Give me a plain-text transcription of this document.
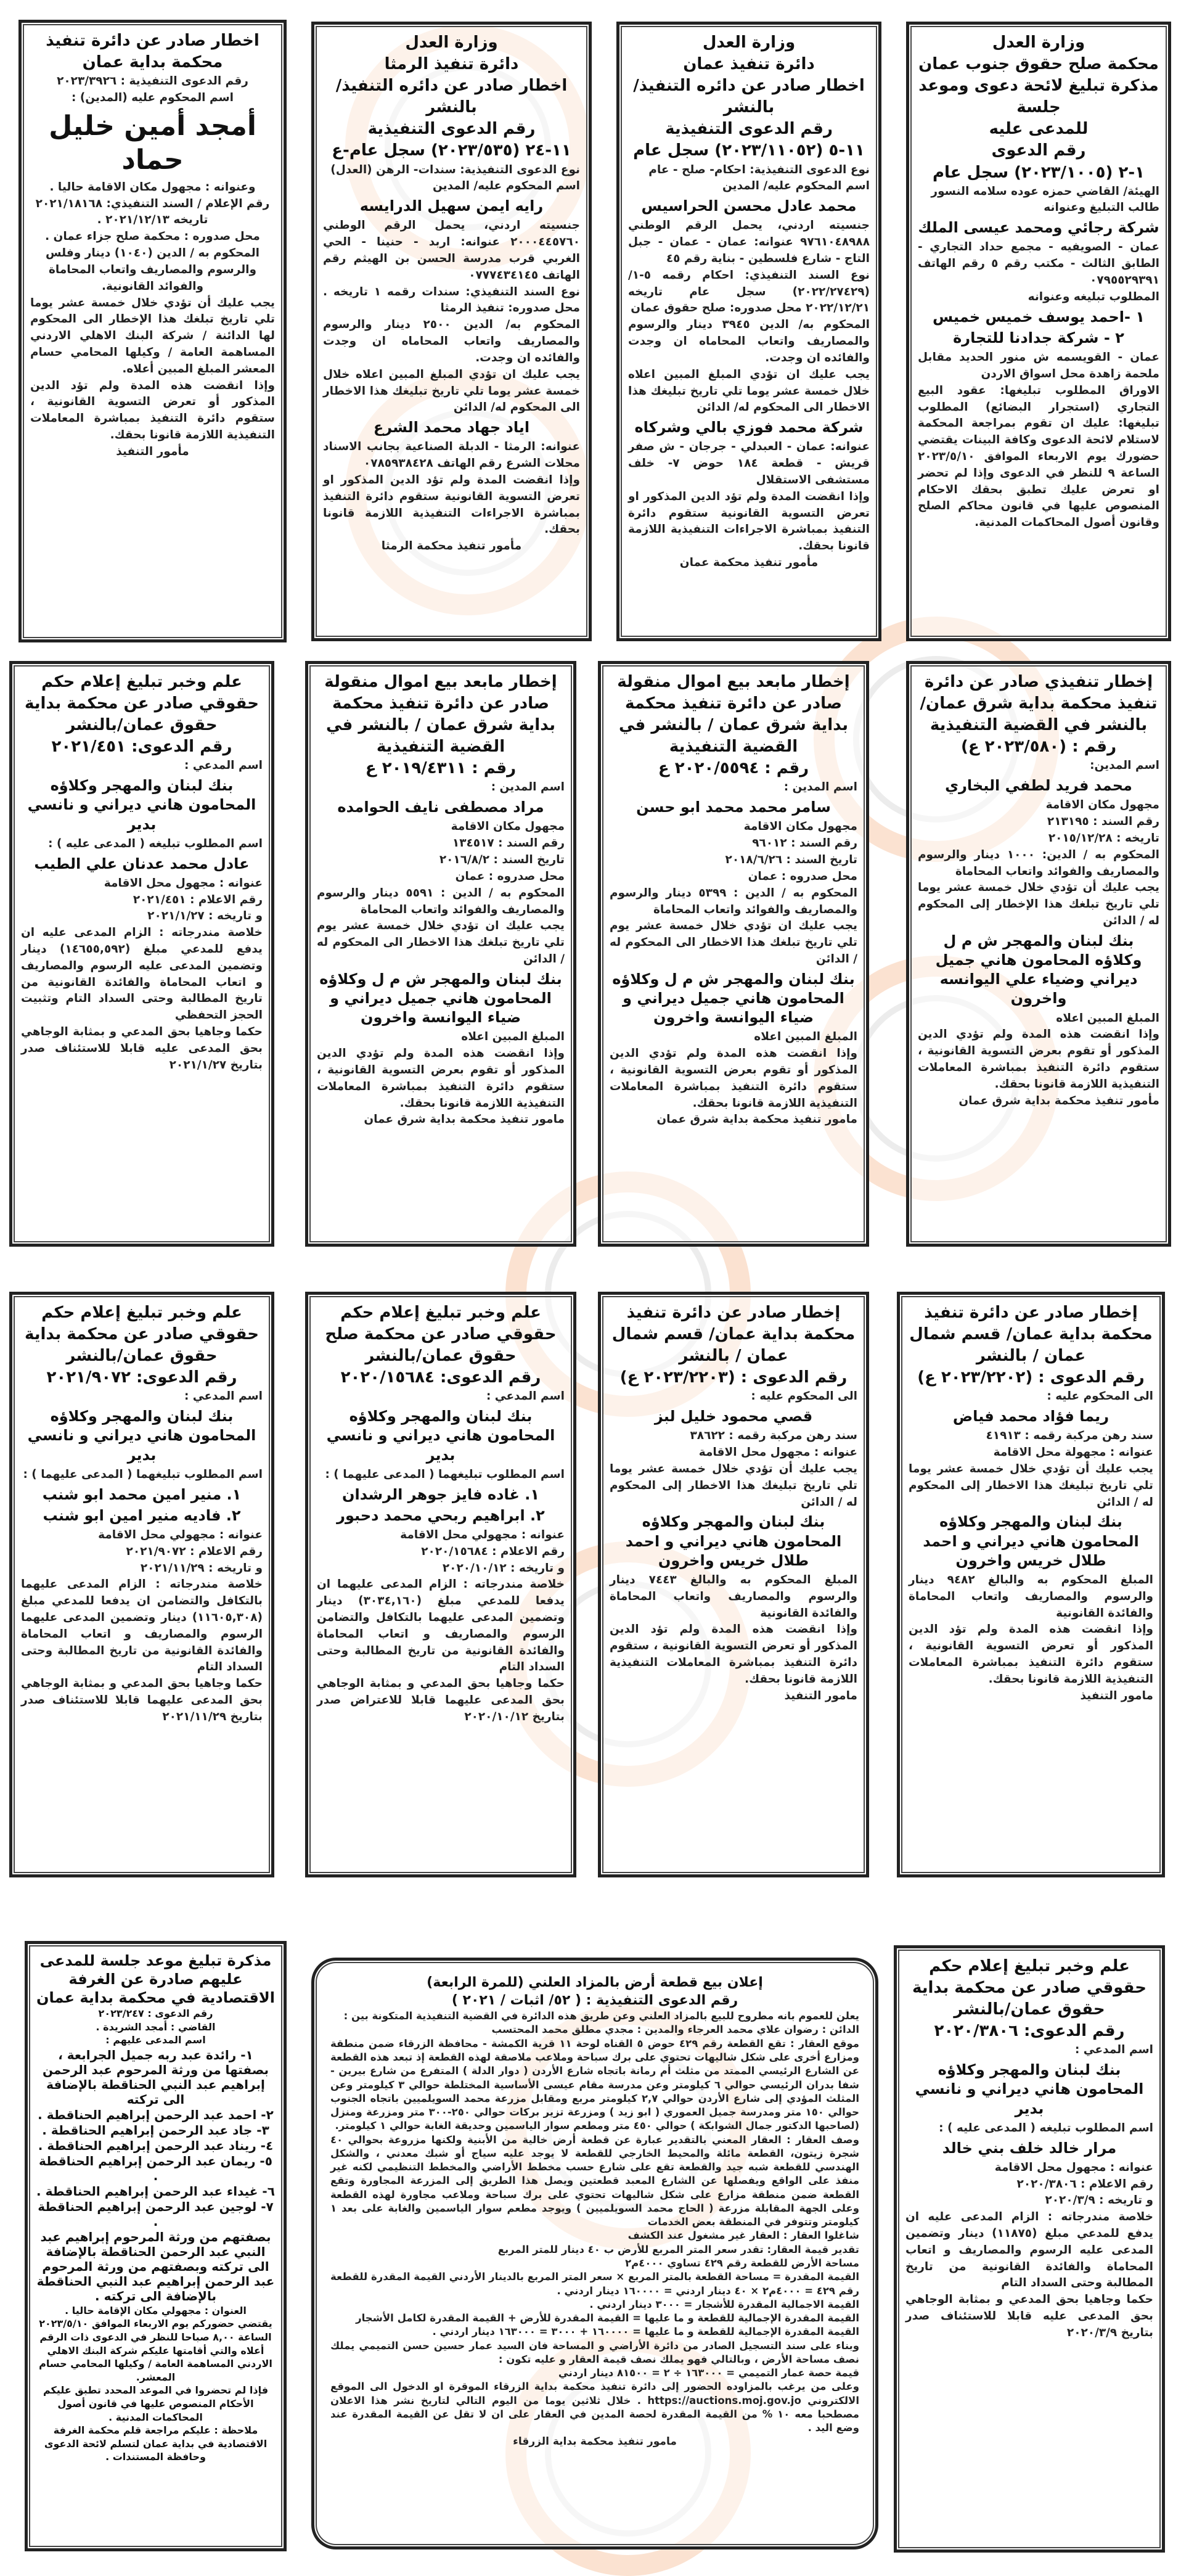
وزارة العدل

محكمة صلح حقوق جنوب عمان

مذكرة تبليغ لائحة دعوى وموعد جلسة

للمدعى عليه

رقم الدعوى

١-٢ (٢٠٢٣/١٠٠٥) سجل عام

الهيئة/ القاضي حمزه عوده سلامه النسور

طالب التبليغ وعنوانه

شركة رجائي ومحمد عيسى الملك

عمان - الصويفيه - مجمع حداد التجاري - الطابق الثالث - مكتب رقم ٥ رقم الهاتف ٠٧٩٥٥٢٩٣٩١

المطلوب تبليغه وعنوانه

١ -احمد يوسف خميس خميس

٢ - شركة جدادنا للتجارة

عمان - القويسمه ش منور الحديد مقابل ملحمة زاهدة محل اسواق الاردن

الاوراق المطلوب تبليغها: عقود البيع التجاري (استجرار البضائع) المطلوب تبليغها: عليك ان تقوم بمراجعة المحكمة لاستلام لائحة الدعوى وكافة البينات يقتضي حضورك يوم الاربعاء الموافق ٢٠٢٣/٥/١٠ الساعة ٩ للنظر في الدعوى وإذا لم تحضر او تعرض عليك تطبق بحقك الاحكام المنصوص عليها في قانون محاكم الصلح وقانون أصول المحاكمات المدنية.

وزارة العدل

دائرة تنفيذ عمان

اخطار صادر عن دائره التنفيذ/ بالنشر

رقم الدعوى التنفيذية

١١-٥ (٢٠٢٣/١١٠٥٢) سجل عام

نوع الدعوى التنفيذية: احكام- صلح - عام

اسم المحكوم عليه/ المدين

محمد عادل محسن الحراسيس

جنسيته اردني، يحمل الرقم الوطني ٩٧٦١٠٤٨٩٨٨ عنوانه: عمان - عمان - جبل التاج - شارع فلسطين - بناية رقم ٤٥

نوع السند التنفيذي: احكام رقمه ٥-١/ (٢٠٢٢/٢٧٤٢٩) سجل عام تاريخه ٢٠٢٢/١٢/٢١ محل صدوره: صلح حقوق عمان

المحكوم به/ الدين ٣٩٤٥ دينار والرسوم والمصاريف واتعاب المحاماه ان وجدت والفائده ان وجدت.

يجب عليك ان تؤدي المبلغ المبين اعلاه خلال خمسة عشر يوما تلي تاريخ تبليغك هذا الاخطار الى المحكوم له/ الدائن

شركة محمد فوزي بالي وشركاه

عنوانه: عمان - العبدلي - جرجان - ش صفر قريش - قطعة ١٨٤ حوض ٧- خلف مستشفى الاستقلال

وإذا انقضت المدة ولم تؤد الدين المذكور او تعرض التسوية القانونية ستقوم دائرة التنفيذ بمباشرة الاجراءات التنفيذية اللازمة قانونا بحقك.

مأمور تنفيذ محكمة عمان

وزارة العدل

دائرة تنفيذ الرمثا

اخطار صادر عن دائره التنفيذ/ بالنشر

رقم الدعوى التنفيذية

١١-٢٤ (٢٠٢٣/٥٣٥) سجل عام-ع

نوع الدعوى التنفيذية: سندات- الرهن (العدل)

اسم المحكوم عليه/ المدين

رايه ايمن سهيل الدرايسه

جنسيته اردني، يحمل الرقم الوطني ٢٠٠٠٤٤٥٧٦٠ عنوانه: اربد - حنينا - الحي الغربي قرب مدرسة الحسن بن الهيثم رقم الهاتف ٠٧٧٧٤٣٤١٤٥

نوع السند التنفيذي: سندات رقمه ١ تاريخه . محل صدوره: تنفيذ الرمثا

المحكوم به/ الدين ٢٥٠٠ دينار والرسوم والمصاريف واتعاب المحاماه ان وجدت والفائده ان وجدت.

يجب عليك ان تؤدي المبلغ المبين اعلاه خلال خمسة عشر يوما تلي تاريخ تبليغك هذا الاخطار الى المحكوم له/ الدائن

اياد جهاد محمد الشرع

عنوانه: الرمثا - الدبلة الصناعية بجانب الاسناد محلات الشرع رقم الهاتف ٠٧٨٥٩٣٨٤٢٨

وإذا انقضت المدة ولم تؤد الدين المذكور او تعرض التسوية القانونية ستقوم دائرة التنفيذ بمباشرة الاجراءات التنفيذية اللازمة قانونا بحقك.

مأمور تنفيذ محكمة الرمثا

اخطار صادر عن دائرة تنفيذ

محكمة بداية عمان

رقم الدعوى التنفيذية : ٢٠٢٣/٣٩٢٦

اسم المحكوم عليه (المدين) :

أمجد أمين خليل حماد

وعنوانه : مجهول مكان الاقامة حاليا .

رقم الإعلام / السند التنفيذي: ٢٠٢١/١٨١٦٨ تاريخه ٢٠٢١/١٢/١٣ .

محل صدوره : محكمة صلح جزاء عمان .

المحكوم به / الدين (١٠٤٠) دينار وفلس والرسوم والمصاريف واتعاب المحاماة والفوائد القانونية.

يجب عليك أن تؤدي خلال خمسة عشر يوما تلي تاريخ تبلغك هذا الإخطار الى المحكوم لها الدائنة / شركة البنك الاهلي الاردني المساهمة العامة / وكيلها المحامي حسام المعشر المبلغ المبين أعلاه.

وإذا انقضت هذه المدة ولم تؤد الدين المذكور أو تعرض التسوية القانونية ، ستقوم دائرة التنفيذ بمباشرة المعاملات التنفيذية اللازمة قانونا بحقك.

مأمور التنفيذ

إخطار تنفيذي صادر عن دائرة تنفيذ محكمة بداية شرق عمان/ بالنشر في القضية التنفيذية

رقم : (٢٠٢٣/٥٨٠ ع)

اسم المدين:

محمد فريد لطفي البخاري

مجهول مكان الاقامة

رقم السند : ٢١٣١٩٥

تاريخه : ٢٠١٥/١٢/٢٨

المحكوم به / الدين: ١٠٠٠ دينار والرسوم والمصاريف والفوائد واتعاب المحاماة

يجب عليك أن تؤدي خلال خمسة عشر يوما تلي تاريخ تبلغك هذا الإخطار إلى المحكوم له / الدائن

بنك لبنان والمهجر ش م ل وكلاؤه المحامون هاني جميل ديراني وضياء علي اليوانسه واخرون

المبلغ المبين اعلاه

وإذا انقضت هذه المدة ولم تؤدي الدين المذكور أو تقوم بعرض التسوية القانونية ، ستقوم دائرة التنفيذ بمباشرة المعاملات التنفيذية اللازمة قانونا بحقك.

مأمور تنفيذ محكمة بداية شرق عمان

إخطار مابعد بيع اموال منقولة صادر عن دائرة تنفيذ محكمة بداية شرق عمان / بالنشر في القضية التنفيذية

رقم : ٢٠٢٠/٥٥٩٤ ع

اسم المدين :

سامر محمد محمد ابو حسن

مجهول مكان الاقامة

رقم السند : ٩٦٠١٢

تاريخ السند : ٢٠١٨/٦/٢٦

محل صدروه : عمان

المحكوم به / الدين : ٥٣٩٩ دينار والرسوم والمصاريف والفوائد واتعاب المحاماة

يجب عليك ان تؤدي خلال خمسة عشر يوم تلي تاريخ تبلغك هذا الاخطار الى المحكوم له / الدائن

بنك لبنان والمهجر ش م ل وكلاؤه المحامون هاني جميل ديراني و ضياء اليوانسة واخرون

المبلغ المبين اعلاه

وإذا انقضت هذه المدة ولم تؤدي الدين المذكور أو تقوم بعرض التسوية القانونية ، ستقوم دائرة التنفيذ بمباشرة المعاملات التنفيذية اللازمة قانونا بحقك.

مامور تنفيذ محكمة بداية شرق عمان

إخطار مابعد بيع اموال منقولة صادر عن دائرة تنفيذ محكمة بداية شرق عمان / بالنشر في القضية التنفيذية

رقم : ٢٠١٩/٤٣١١ ع

اسم المدين :

مراد مصطفى نايف الحوامده

مجهول مكان الاقامة

رقم السند : ١٣٤٥١٧

تاريخ السند : ٢٠١٦/٨/٢

محل صدروه : عمان

المحكوم به / الدين : ٥٥٩١ دينار والرسوم والمصاريف والفوائد واتعاب المحاماة

يجب عليك ان تؤدي خلال خمسة عشر يوم تلي تاريخ تبلغك هذا الاخطار الى المحكوم له / الدائن

بنك لبنان والمهجر ش م ل وكلاؤه المحامون هاني جميل ديراني و ضياء اليوانسة واخرون

المبلغ المبين اعلاه

وإذا انقضت هذه المدة ولم تؤدي الدين المذكور أو تقوم بعرض التسوية القانونية ، ستقوم دائرة التنفيذ بمباشرة المعاملات التنفيذية اللازمة قانونا بحقك.

مامور تنفيذ محكمة بداية شرق عمان

علم وخبر تبليغ إعلام حكم حقوقي صادر عن محكمة بداية حقوق عمان/بالنشر

رقم الدعوى: ٢٠٢١/٤٥١

اسم المدعي :

بنك لبنان والمهجر وكلاؤه المحامون هاني ديراني و نانسي بدير

اسم المطلوب تبليغه ( المدعى عليه ) :

عادل محمد عدنان علي الطيب

عنوانه : مجهول محل الاقامة

رقم الاعلام : ٢٠٢١/٤٥١

و تاريخه : ٢٠٢١/١/٢٧

خلاصة مندرجاته : الزام المدعى عليه ان يدفع للمدعي مبلغ (١٤٦٥٥,٥٩٢) دينار وتضمين المدعى عليه الرسوم والمصاريف و اتعاب المحاماة والفائدة القانونية من تاريخ المطالبة وحتى السداد التام وتثبيت الحجز التحفظي

حكما وجاهيا بحق المدعي و بمثابة الوجاهي بحق المدعى عليه قابلا للاستئناف صدر بتاريخ ٢٠٢١/١/٢٧

إخطار صادر عن دائرة تنفيذ محكمة بداية عمان/ قسم شمال عمان / بالنشر

رقم الدعوى : (٢٠٢٣/٢٢٠٢ ع)

الى المحكوم عليه :

ريما فؤاد محمد فياض

سند رهن مركبة رقمه : ٤١٩١٣

عنوانه : مجهولة محل الاقامة

يجب عليك أن تؤدي خلال خمسة عشر يوما تلي تاريخ تبليغك هذا الاخطار إلى المحكوم له / الدائن

بنك لبنان والمهجر وكلاؤه المحامون هاني ديراني و احمد طلال خريس واخرون

المبلغ المحكوم به والبالغ ٩٤٨٢ دينار والرسوم والمصاريف واتعاب المحاماة والفائدة القانونية

وإذا انقضت هذه المدة ولم تؤد الدين المذكور أو تعرض التسوية القانونية ، ستقوم دائرة التنفيذ بمباشرة المعاملات التنفيذية اللازمة قانونا بحقك.

مامور التنفيذ

إخطار صادر عن دائرة تنفيذ محكمة بداية عمان/ قسم شمال عمان / بالنشر

رقم الدعوى : (٢٠٢٣/٢٢٠٣ ع)

الى المحكوم عليه :

قصي محمود خليل لبز

سند رهن مركبة رقمه : ٣٨٦٢٢

عنوانه : مجهول محل الاقامة

يجب عليك أن تؤدي خلال خمسة عشر يوما تلي تاريخ تبليغك هذا الاخطار إلى المحكوم له / الدائن

بنك لبنان والمهجر وكلاؤه المحامون هاني ديراني و احمد طلال خريس واخرون

المبلغ المحكوم به والبالغ ٧٤٤٣ دينار والرسوم والمصاريف واتعاب المحاماة والفائدة القانونية

وإذا انقضت هذه المدة ولم تؤد الدين المذكور أو تعرض التسوية القانونية ، ستقوم دائرة التنفيذ بمباشرة المعاملات التنفيذية اللازمة قانونا بحقك.

مامور التنفيذ

علم وخبر تبليغ إعلام حكم حقوقي صادر عن محكمة صلح حقوق عمان/بالنشر

رقم الدعوى: ٢٠٢٠/١٥٦٨٤

اسم المدعي :

بنك لبنان والمهجر وكلاؤه المحامون هاني ديراني و نانسي بدير

اسم المطلوب تبليغهما ( المدعى عليهما ) :

١. غاده فايز جوهر الرشدان

٢. ابراهيم ربحي محمد دحبور

عنوانه : مجهولي محل الاقامة

رقم الاعلام : ٢٠٢٠/١٥٦٨٤

و تاريخه : ٢٠٢٠/١٠/١٢

خلاصة مندرجاته : الزام المدعى عليهما ان يدفعا للمدعي مبلغ (٣٠٣٤,١٦٠) دينار وتضمين المدعى عليهما بالتكافل والتضامن الرسوم والمصاريف و اتعاب المحاماة والفائدة القانونية من تاريخ المطالبة وحتى السداد التام

حكما وجاهيا بحق المدعي و بمثابة الوجاهي بحق المدعى عليهما قابلا للاعتراض صدر بتاريخ ٢٠٢٠/١٠/١٢

علم وخبر تبليغ إعلام حكم حقوقي صادر عن محكمة بداية حقوق عمان/بالنشر

رقم الدعوى: ٢٠٢١/٩٠٧٢

اسم المدعي :

بنك لبنان والمهجر وكلاؤه المحامون هاني ديراني و نانسي بدير

اسم المطلوب تبليغهما ( المدعى عليهما ) :

١. منير امين محمد ابو شنب

٢. فاديه منير امين ابو شنب

عنوانه : مجهولي محل الاقامة

رقم الاعلام : ٢٠٢١/٩٠٧٢

و تاريخه : ٢٠٢١/١١/٢٩

خلاصة مندرجاته : الزام المدعى عليهما بالتكافل والتضامن ان يدفعا للمدعي مبلغ (١١٦٠٥,٣٠٨) دينار وتضمين المدعى عليهما الرسوم والمصاريف و اتعاب المحاماة والفائدة القانونية من تاريخ المطالبة وحتى السداد التام

حكما وجاهيا بحق المدعي و بمثابة الوجاهي بحق المدعى عليهما قابلا للاستئناف صدر بتاريخ ٢٠٢١/١١/٢٩

علم وخبر تبليغ إعلام حكم حقوقي صادر عن محكمة بداية حقوق عمان/بالنشر

رقم الدعوى: ٢٠٢٠/٣٨٠٦

اسم المدعي :

بنك لبنان والمهجر وكلاؤه المحامون هاني ديراني و نانسي بدير

اسم المطلوب تبليغه ( المدعى عليه ) :

مرار خالد خلف بني خالد

عنوانه : مجهول محل الاقامة

رقم الاعلام : ٢٠٢٠/٣٨٠٦

و تاريخه : ٢٠٢٠/٣/٩

خلاصة مندرجاته : الزام المدعى عليه ان يدفع للمدعي مبلغ (١١٨٧٥) دينار وتضمين المدعى عليه الرسوم والمصاريف و اتعاب المحاماة والفائدة القانونية من تاريخ المطالبة وحتى السداد التام

حكما وجاهيا بحق المدعي و بمثابة الوجاهي بحق المدعى عليه قابلا للاستئناف صدر بتاريخ ٢٠٢٠/٣/٩

إعلان بيع قطعة أرض بالمزاد العلني (للمرة الرابعة)

رقم الدعوى التنفيذية : ( ٥٢/ اثبات / ٢٠٢١ )

يعلن للعموم بانه مطروح للبيع بالمزاد العلني وعن طريق هذه الدائرة في القضية التنفيذية المتكونة بين :

الدائن : رضوان علاي محمد العرجاء والمدين : مجدي مطلق محمد المحتسب

موقع العقار : تقع القطعة رقم ٤٢٩ حوض ٥ القناه لوحة ١١ قرية الكمشة - محافظة الزرقاء ضمن منطقة ومزارع أخرى على شكل شاليهات تحتوي على برك سباحة وملاعب ملاصقة لهذه القطعة إذ تبعد هذه القطعة عن الشارع الرئيسي الممتد من مثلث أم رمانة باتجاه شارع الأردن ( دوار الدلة ) المتفرع من شارع بيرين - شفا بدران الرئيسي حوالي ٦ كيلومتر وعن مدرسة مقام عيسى الأساسية المختلطة حوالي ٣ كيلومتر وعن المثلث المؤدي إلى شارع الأردن حوالي ٢,٧ كيلومتر مربع ومقابل مزرعة محمد السويلميين باتجاه الجنوب حوالي ١٥٠ متر ومدرسة جميل العموري ( ابو زيد ) ومزرعة تزير بركات حوالي ٢٥٠-٣٠٠ متر ومزرعة ومنزل (لصاحبها الدكتور جمال الشوابكة ) حوالي ٤٥٠ متر ومطعم سوار الياسمين وحديقة الغابة حوالي ١ كيلومتر.

وصف العقار : العقار المعني بالتقدير عبارة عن قطعة أرض خالية من الأبنية ولكنها مزروعة بحوالي ٤٠ شجرة زيتون، القطعة مائلة والمحيط الخارجي للقطعة لا يوجد عليه سياج أو شبك معدني ، والشكل الهندسي للقطعة شبه جيد والقطعة تقع على شارع حسب مخطط الأراضي والمخطط التنظيمي لكنه غير منفذ على الواقع ويفصلها عن الشارع المعبد قطعتين ويصل هذا الطريق إلى المزرعة المجاورة وتقع القطعة ضمن منطقة مزارع على شكل شاليهات تحتوي على برك سباحة وملاعب مجاورة لهذه القطعة وعلى الجهة المقابلة مزرعة ( الحاج محمد السويلميين ) ويوجد مطعم سوار الياسمين والغابة على بعد ١ كيلومتر وتتوفر في المنطقة بعض الخدمات

شاغلوا العقار : العقار غير مشغول عند الكشف

تقدير قيمة العقار: تقدر سعر المتر المربع للأرض ب ٤٠ دينار للمتر المربع

مساحة الأرض للقطعة رقم ٤٢٩ تساوي ٤٠٠٠م٢

القيمة المقدرة = مساحة القطعة بالمتر المربع × سعر المتر المربع بالدينار الأردني القيمة المقدرة للقطعة رقم ٤٢٩ = ٤٠٠٠م٢ × ٤٠ دينار اردني = ١٦٠٠٠٠ دينار اردني .

القيمة الاجمالية المقدرة للأشجار = ٣٠٠٠ دينار اردني .

القيمة المقدرة الإجمالية للقطعة و ما عليها = القيمة المقدرة للأرض + القيمة المقدرة لكامل الأشجار

القيمة المقدرة الإجمالية للقطعة و ما عليها = ١٦٠٠٠٠ + ٣٠٠٠ = ١٦٣٠٠٠ دينار اردني .

وبناء على سند التسجيل الصادر من دائرة الأراضي و المساحة فان السيد عمار حسين حسن التميمي يملك نصف مساحة الأرض ، وبالتالي فهو يملك نصف قيمة العقار و عليه تكون :

قيمة حصة عمار التميمي = ١٦٣٠٠٠ ÷ ٢ = ٨١٥٠٠ دينار اردني

وعلى من يرغب بالمزاوده الحضور إلى دائرة تنفيذ محكمة بداية الزرقاء الموقرة او الدخول الى الموقع الالكتروني https://auctions.moj.gov.jo . خلال ثلاثين يوما من اليوم التالي لتاريخ نشر هذا الاعلان مصطحبا معه ١٠ % من القيمة المقدرة لحصة المدين في العقار على ان لا تقل عن القيمة المقدرة عند وضع اليد .

مامور تنفيذ محكمة بداية الزرقاء

مذكرة تبليغ موعد جلسة للمدعى عليهم صادرة عن الغرفة الاقتصادية في محكمة بداية عمان

رقم الدعوى : ٢٠٢٣/٢٤٧

القاضي : أمجد الشريدة .

اسم المدعى عليهم :

١- رائدة عبد ربه جميل الجرابعة ، بصفتها من ورثة المرحوم عبد الرحمن إبراهيم عبد النبي الحناقطة بالإضافة الى تركته

٢- احمد عبد الرحمن إبراهيم الحناقطة .

٣- جاد عبد الرحمن إبراهيم الحناقطة .

٤- ريناد عبد الرحمن إبراهيم الحناقطة .

٥- ريمان عبد الرحمن إبراهيم الحناقطة .

٦- غيداء عبد الرحمن إبراهيم الحناقطة .

٧- لوجين عبد الرحمن إبراهيم الحناقطة .

بصفتهم من ورثة المرحوم إبراهيم عبد النبي عبد الرحمن الحناقطة بالإضافة الى تركته وبصفتهم من ورثة المرحوم عبد الرحمن إبراهيم عبد النبي الحناقطة بالإضافة الى تركته .

العنوان : مجهولي مكان الإقامة حاليا .

يقتضي حضوركم يوم الاربعاء الموافق ٢٠٢٣/٥/١٠ الساعة ٨,٠٠ صباحا للنظر في الدعوى ذات الرقم أعلاه والتي أقامتها عليكم شركة البنك الاهلي الاردني المساهمة العامة / وكيلها المحامي حسام المعشر.

فإذا لم تحضروا في الموعد المحدد تطبق عليكم الأحكام المنصوص عليها في قانون أصول المحاكمات المدنية .

ملاحظة : عليكم مراجعة قلم محكمة الغرفة الاقتصادية في بداية عمان لتسلم لائحة الدعوى وحافظة المستندات .
